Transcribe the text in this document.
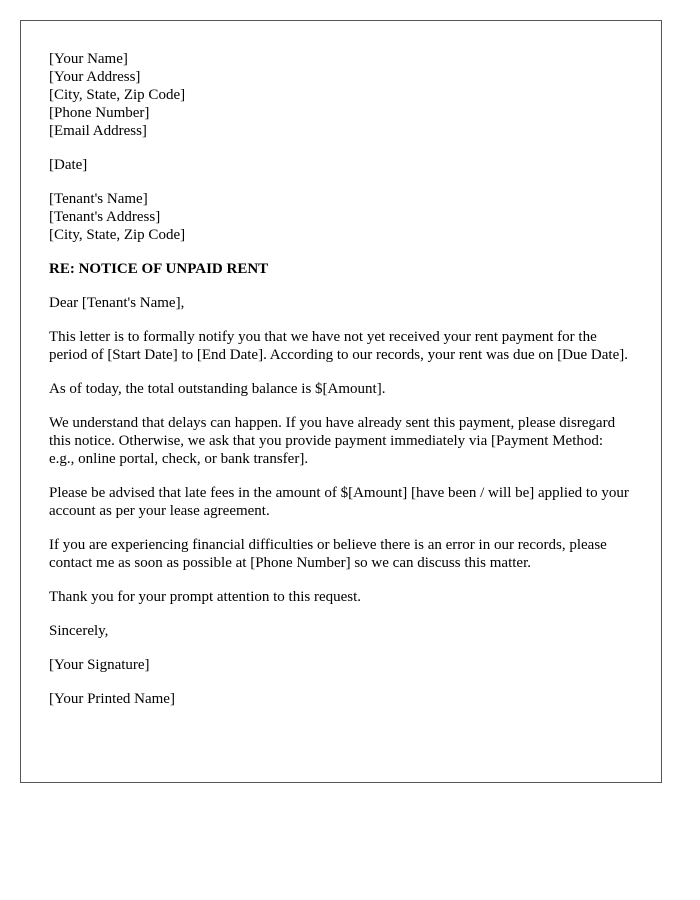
[Your Name]
[Your Address]
[City, State, Zip Code]
[Phone Number]
[Email Address]
[Date]
[Tenant's Name]
[Tenant's Address]
[City, State, Zip Code]
RE: NOTICE OF UNPAID RENT
Dear [Tenant's Name],
This letter is to formally notify you that we have not yet received your rent payment for the period of [Start Date] to [End Date]. According to our records, your rent was due on [Due Date].
As of today, the total outstanding balance is $[Amount].
We understand that delays can happen. If you have already sent this payment, please disregard this notice. Otherwise, we ask that you provide payment immediately via [Payment Method: e.g., online portal, check, or bank transfer].
Please be advised that late fees in the amount of $[Amount] [have been / will be] applied to your account as per your lease agreement.
If you are experiencing financial difficulties or believe there is an error in our records, please contact me as soon as possible at [Phone Number] so we can discuss this matter.
Thank you for your prompt attention to this request.
Sincerely,
[Your Signature]
[Your Printed Name]
